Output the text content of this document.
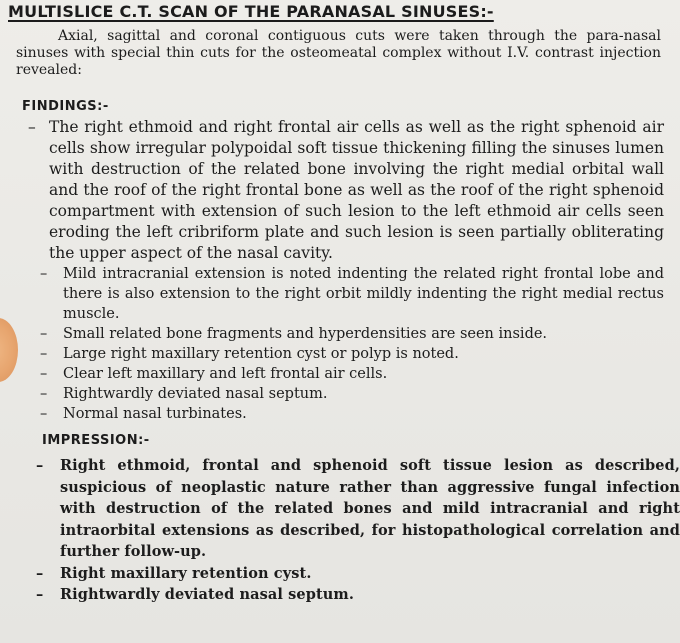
MULTISLICE C.T. SCAN OF THE PARANASAL SINUSES:-
Axial, sagittal and coronal contiguous cuts were taken through the para-nasal sinuses with special thin cuts for the osteomeatal complex without I.V. contrast injection revealed:
FINDINGS:-
– The right ethmoid and right frontal air cells as well as the right sphenoid air cells show irregular polypoidal soft tissue thickening filling the sinuses lumen with destruction of the related bone involving the right medial orbital wall and the roof of the right frontal bone as well as the roof of the right sphenoid compartment with extension of such lesion to the left ethmoid air cells seen eroding the left cribriform plate and such lesion is seen partially obliterating the upper aspect of the nasal cavity.
– Mild intracranial extension is noted indenting the related right frontal lobe and there is also extension to the right orbit mildly indenting the right medial rectus muscle.
– Small related bone fragments and hyperdensities are seen inside.
– Large right maxillary retention cyst or polyp is noted.
– Clear left maxillary and left frontal air cells.
– Rightwardly deviated nasal septum.
– Normal nasal turbinates.
IMPRESSION:-
– Right ethmoid, frontal and sphenoid soft tissue lesion as described, suspicious of neoplastic nature rather than aggressive fungal infection with destruction of the related bones and mild intracranial and right intraorbital extensions as described, for histopathological correlation and further follow-up.
– Right maxillary retention cyst.
– Rightwardly deviated nasal septum.
